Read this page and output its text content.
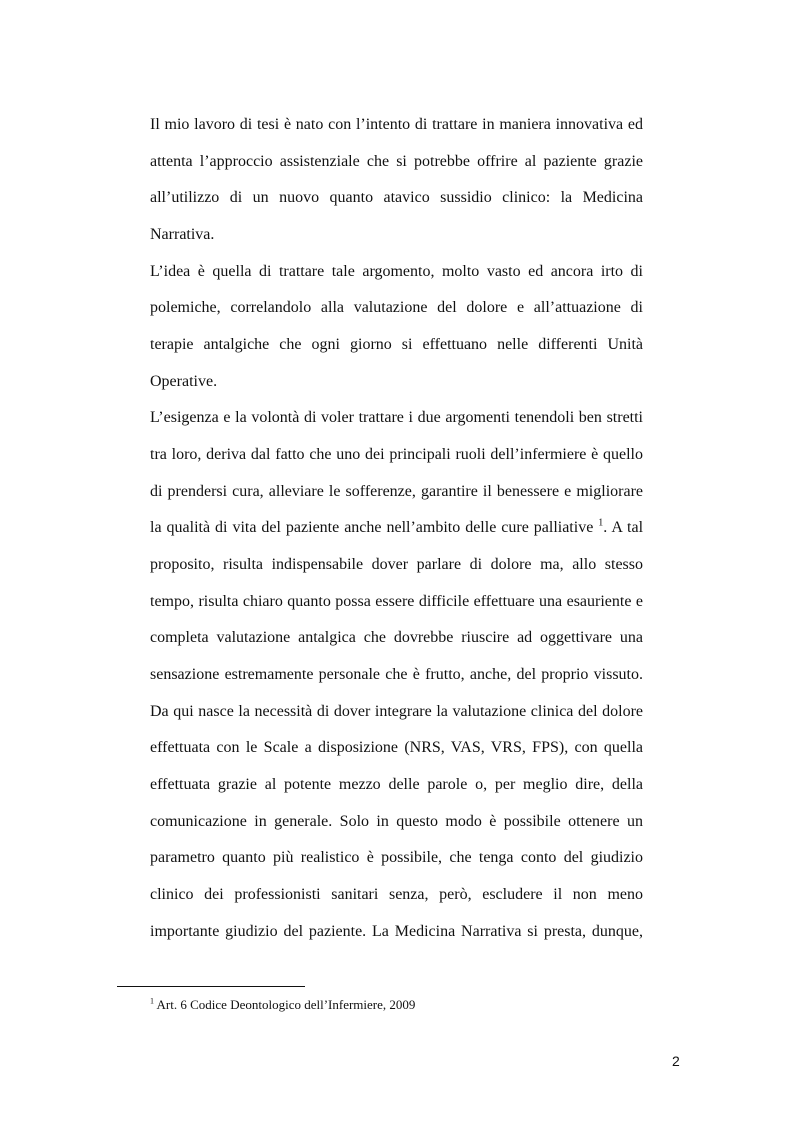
Il mio lavoro di tesi è nato con l’intento di trattare in maniera innovativa ed
attenta l’approccio assistenziale che si potrebbe offrire al paziente grazie
all’utilizzo di un nuovo quanto atavico sussidio clinico: la Medicina
Narrativa.
L’idea è quella di trattare tale argomento, molto vasto ed ancora irto di
polemiche, correlandolo alla valutazione del dolore e all’attuazione di
terapie antalgiche che ogni giorno si effettuano nelle differenti Unità
Operative.
L’esigenza e la volontà di voler trattare i due argomenti tenendoli ben stretti
tra loro, deriva dal fatto che uno dei principali ruoli dell’infermiere è quello
di prendersi cura, alleviare le sofferenze, garantire il benessere e migliorare
la qualità di vita del paziente anche nell’ambito delle cure palliative $^1$. A tal
proposito, risulta indispensabile dover parlare di dolore ma, allo stesso
tempo, risulta chiaro quanto possa essere difficile effettuare una esauriente e
completa valutazione antalgica che dovrebbe riuscire ad oggettivare una
sensazione estremamente personale che è frutto, anche, del proprio vissuto.
Da qui nasce la necessità di dover integrare la valutazione clinica del dolore
effettuata con le Scale a disposizione (NRS, VAS, VRS, FPS), con quella
effettuata grazie al potente mezzo delle parole o, per meglio dire, della
comunicazione in generale. Solo in questo modo è possibile ottenere un
parametro quanto più realistico è possibile, che tenga conto del giudizio
clinico dei professionisti sanitari senza, però, escludere il non meno
importante giudizio del paziente. La Medicina Narrativa si presta, dunque,
$^1$ Art. 6 Codice Deontologico dell’Infermiere, 2009
2
